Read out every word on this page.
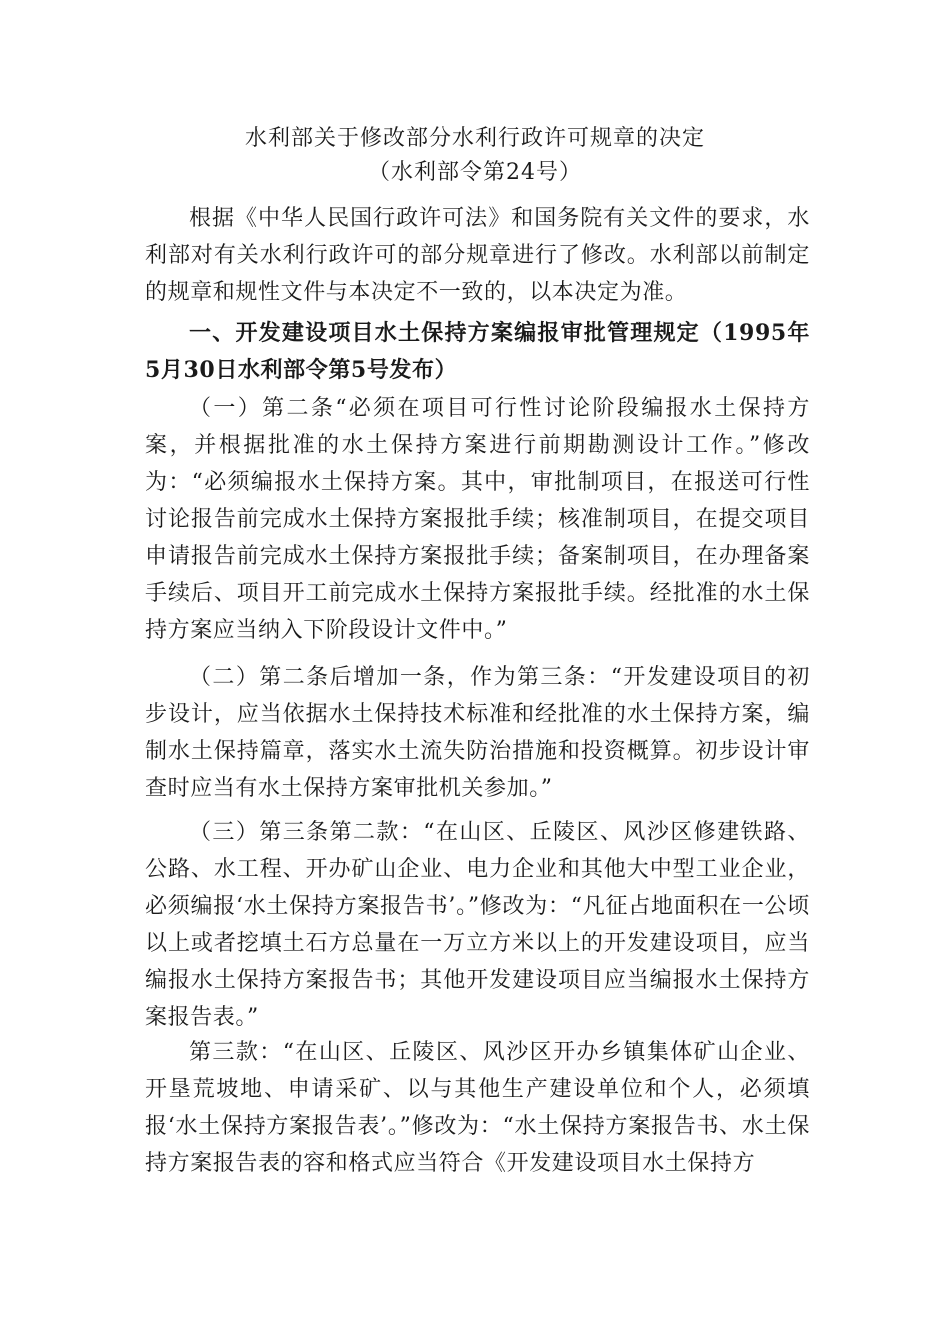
水利部关于修改部分水利行政许可规章的决定
（水利部令第24号）
根据《中华人民国行政许可法》和国务院有关文件的要求，水利部对有关水利行政许可的部分规章进行了修改。水利部以前制定的规章和规性文件与本决定不一致的，以本决定为准。
一、开发建设项目水土保持方案编报审批管理规定（1995年5月30日水利部令第5号发布）
（一）第二条“必须在项目可行性讨论阶段编报水土保持方案，并根据批准的水土保持方案进行前期勘测设计工作。”修改为：“必须编报水土保持方案。其中，审批制项目，在报送可行性讨论报告前完成水土保持方案报批手续；核准制项目，在提交项目申请报告前完成水土保持方案报批手续；备案制项目，在办理备案手续后、项目开工前完成水土保持方案报批手续。经批准的水土保持方案应当纳入下阶段设计文件中。”
（二）第二条后增加一条，作为第三条：“开发建设项目的初步设计，应当依据水土保持技术标准和经批准的水土保持方案，编制水土保持篇章，落实水土流失防治措施和投资概算。初步设计审查时应当有水土保持方案审批机关参加。”
（三）第三条第二款：“在山区、丘陵区、风沙区修建铁路、公路、水工程、开办矿山企业、电力企业和其他大中型工业企业，必须编报‘水土保持方案报告书’。”修改为：“凡征占地面积在一公顷以上或者挖填土石方总量在一万立方米以上的开发建设项目，应当编报水土保持方案报告书；其他开发建设项目应当编报水土保持方案报告表。”
第三款：“在山区、丘陵区、风沙区开办乡镇集体矿山企业、开垦荒坡地、申请采矿、以与其他生产建设单位和个人，必须填报‘水土保持方案报告表’。”修改为：“水土保持方案报告书、水土保持方案报告表的容和格式应当符合《开发建设项目水土保持方
